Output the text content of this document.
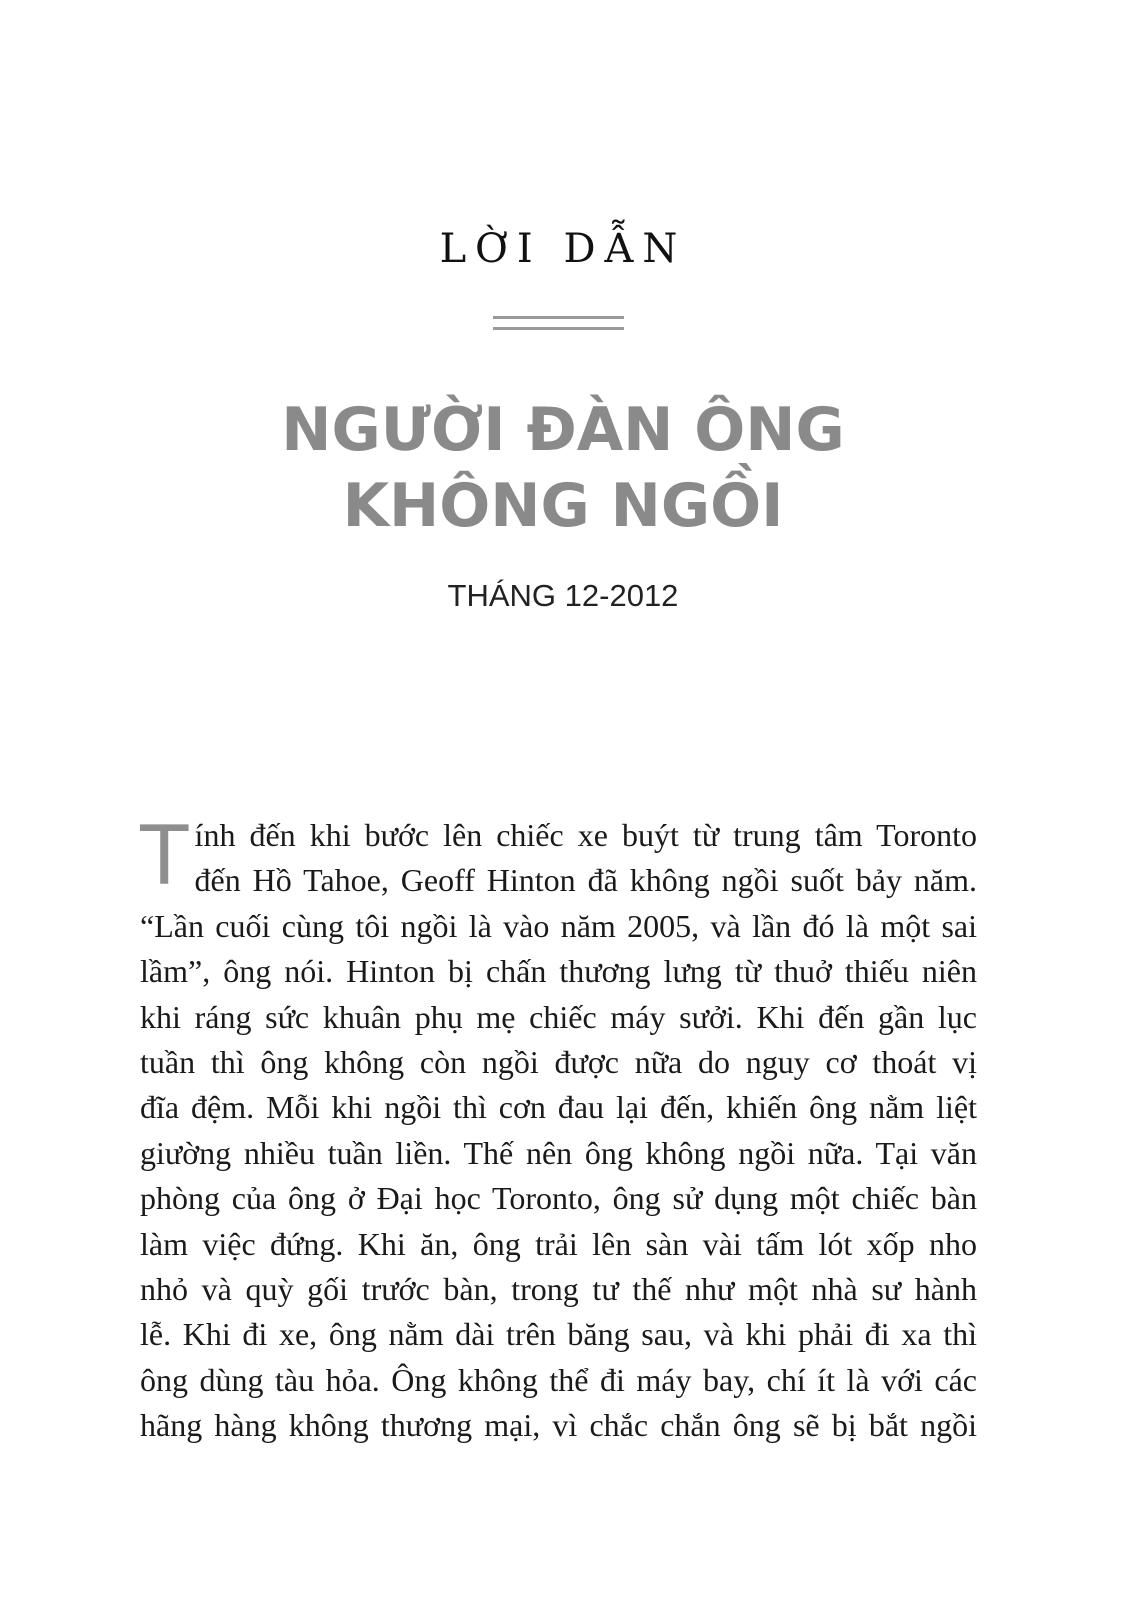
LỜI DẪN
NGƯỜI ĐÀN ÔNG
KHÔNG NGỒI

THÁNG 12-2012

T ính đến khi bước lên chiếc xe buýt từ trung tâm Toronto
đến Hồ Tahoe, Geoff Hinton đã không ngồi suốt bảy năm.
“Lần cuối cùng tôi ngồi là vào năm 2005, và lần đó là một sai
lầm”, ông nói. Hinton bị chấn thương lưng từ thuở thiếu niên
khi ráng sức khuân phụ mẹ chiếc máy sưởi. Khi đến gần lục
tuần thì ông không còn ngồi được nữa do nguy cơ thoát vị
đĩa đệm. Mỗi khi ngồi thì cơn đau lại đến, khiến ông nằm liệt
giường nhiều tuần liền. Thế nên ông không ngồi nữa. Tại văn
phòng của ông ở Đại học Toronto, ông sử dụng một chiếc bàn
làm việc đứng. Khi ăn, ông trải lên sàn vài tấm lót xốp nho
nhỏ và quỳ gối trước bàn, trong tư thế như một nhà sư hành
lễ. Khi đi xe, ông nằm dài trên băng sau, và khi phải đi xa thì
ông dùng tàu hỏa. Ông không thể đi máy bay, chí ít là với các
hãng hàng không thương mại, vì chắc chắn ông sẽ bị bắt ngồi
